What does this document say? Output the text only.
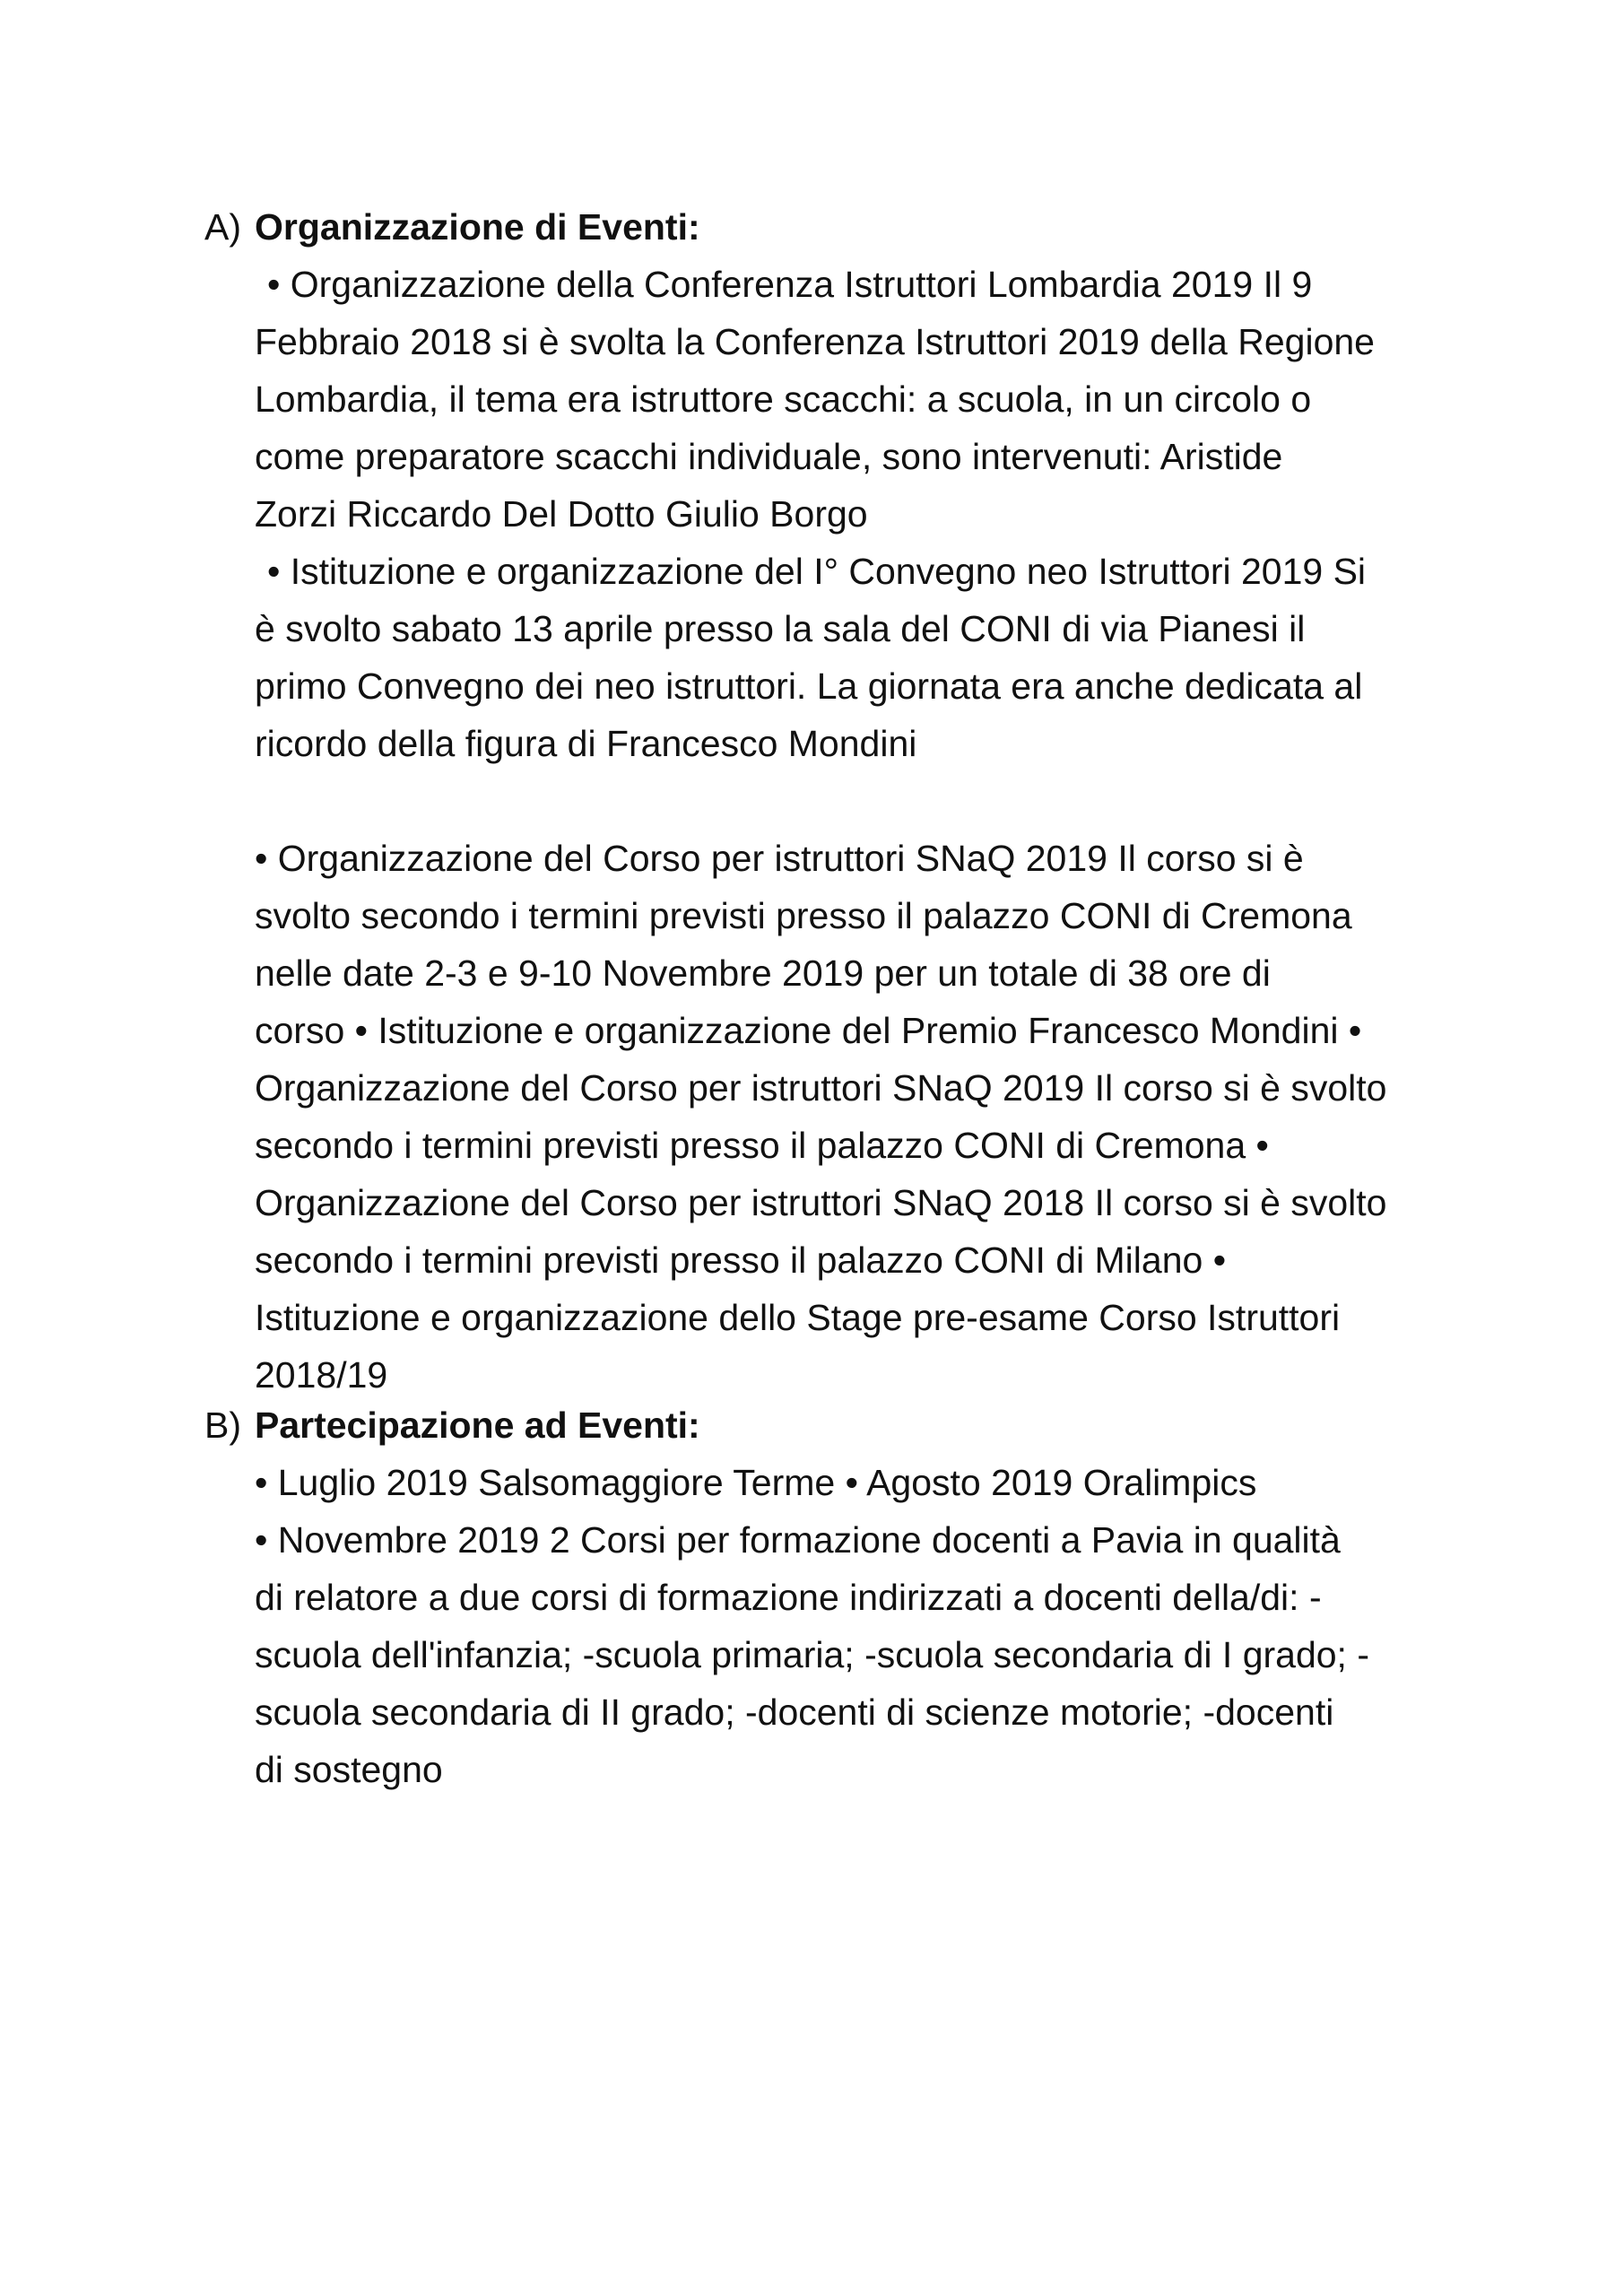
A) Organizzazione di Eventi:
• Organizzazione della Conferenza Istruttori Lombardia 2019 Il 9
Febbraio 2018 si è svolta la Conferenza Istruttori 2019 della Regione
Lombardia, il tema era istruttore scacchi: a scuola, in un circolo o
come preparatore scacchi individuale, sono intervenuti: Aristide
Zorzi Riccardo Del Dotto Giulio Borgo
• Istituzione e organizzazione del I° Convegno neo Istruttori 2019 Si
è svolto sabato 13 aprile presso la sala del CONI di via Pianesi il
primo Convegno dei neo istruttori. La giornata era anche dedicata al
ricordo della figura di Francesco Mondini
• Organizzazione del Corso per istruttori SNaQ 2019 Il corso si è
svolto secondo i termini previsti presso il palazzo CONI di Cremona
nelle date 2-3 e 9-10 Novembre 2019 per un totale di 38 ore di
corso • Istituzione e organizzazione del Premio Francesco Mondini •
Organizzazione del Corso per istruttori SNaQ 2019 Il corso si è svolto
secondo i termini previsti presso il palazzo CONI di Cremona •
Organizzazione del Corso per istruttori SNaQ 2018 Il corso si è svolto
secondo i termini previsti presso il palazzo CONI di Milano •
Istituzione e organizzazione dello Stage pre-esame Corso Istruttori
2018/19
B) Partecipazione ad Eventi:
• Luglio 2019 Salsomaggiore Terme • Agosto 2019 Oralimpics
• Novembre 2019 2 Corsi per formazione docenti a Pavia in qualità
di relatore a due corsi di formazione indirizzati a docenti della/di: -
scuola dell'infanzia; -scuola primaria; -scuola secondaria di I grado; -
scuola secondaria di II grado; -docenti di scienze motorie; -docenti
di sostegno
